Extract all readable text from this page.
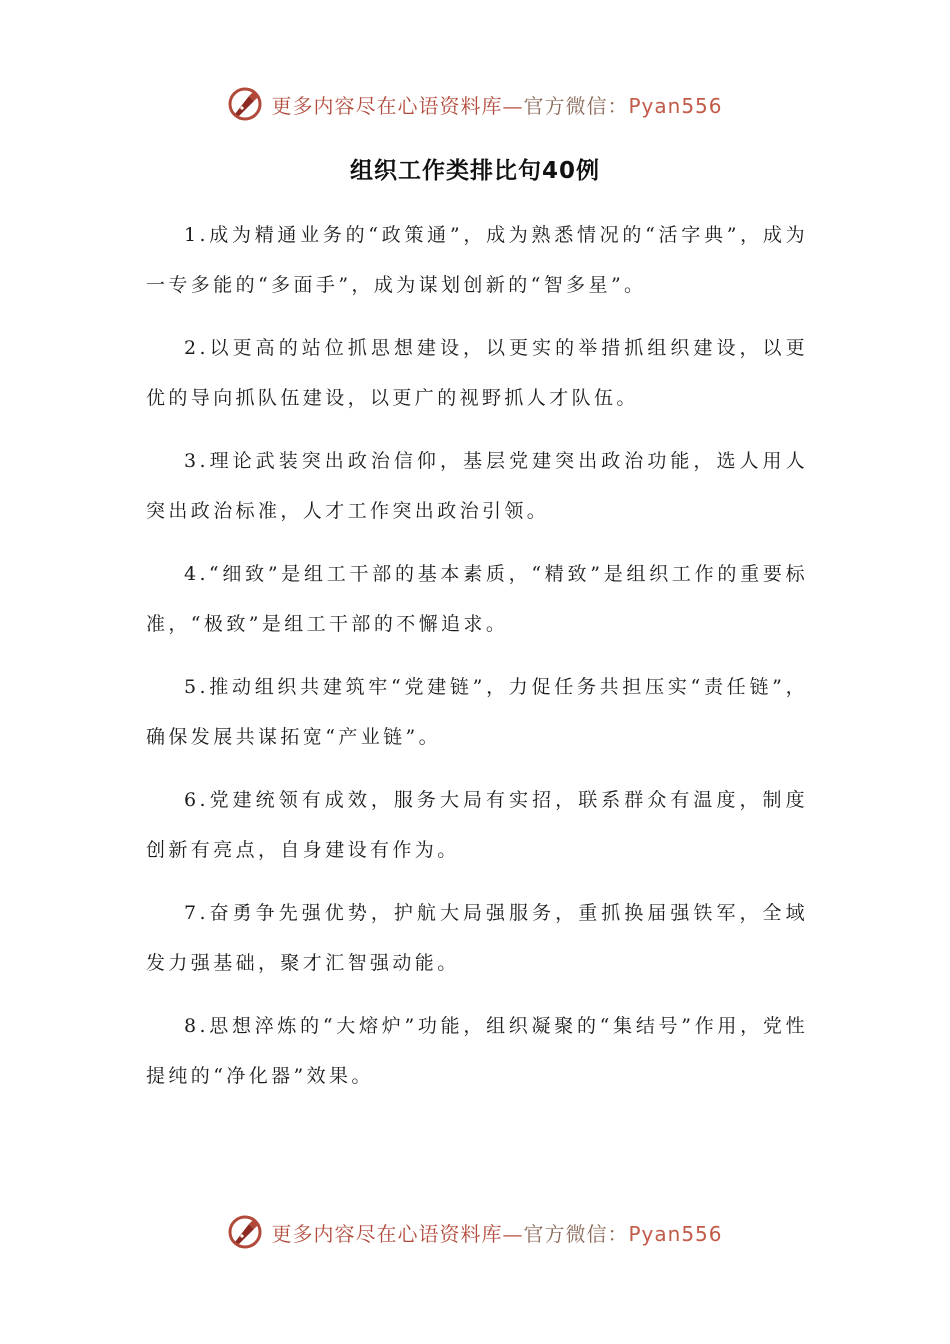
更多内容尽在心语资料库—官方微信：Pyan556
组织工作类排比句40例

1.成为精通业务的“政策通”，成为熟悉情况的“活字典”，成为一专多能的“多面手”，成为谋划创新的“智多星”。

2.以更高的站位抓思想建设，以更实的举措抓组织建设，以更优的导向抓队伍建设，以更广的视野抓人才队伍。

3.理论武装突出政治信仰，基层党建突出政治功能，选人用人突出政治标准，人才工作突出政治引领。

4.“细致”是组工干部的基本素质，“精致”是组织工作的重要标准，“极致”是组工干部的不懈追求。

5.推动组织共建筑牢“党建链”，力促任务共担压实“责任链”，确保发展共谋拓宽“产业链”。

6.党建统领有成效，服务大局有实招，联系群众有温度，制度创新有亮点，自身建设有作为。

7.奋勇争先强优势，护航大局强服务，重抓换届强铁军，全域发力强基础，聚才汇智强动能。

8.思想淬炼的“大熔炉”功能，组织凝聚的“集结号”作用，党性提纯的“净化器”效果。

更多内容尽在心语资料库—官方微信：Pyan556
